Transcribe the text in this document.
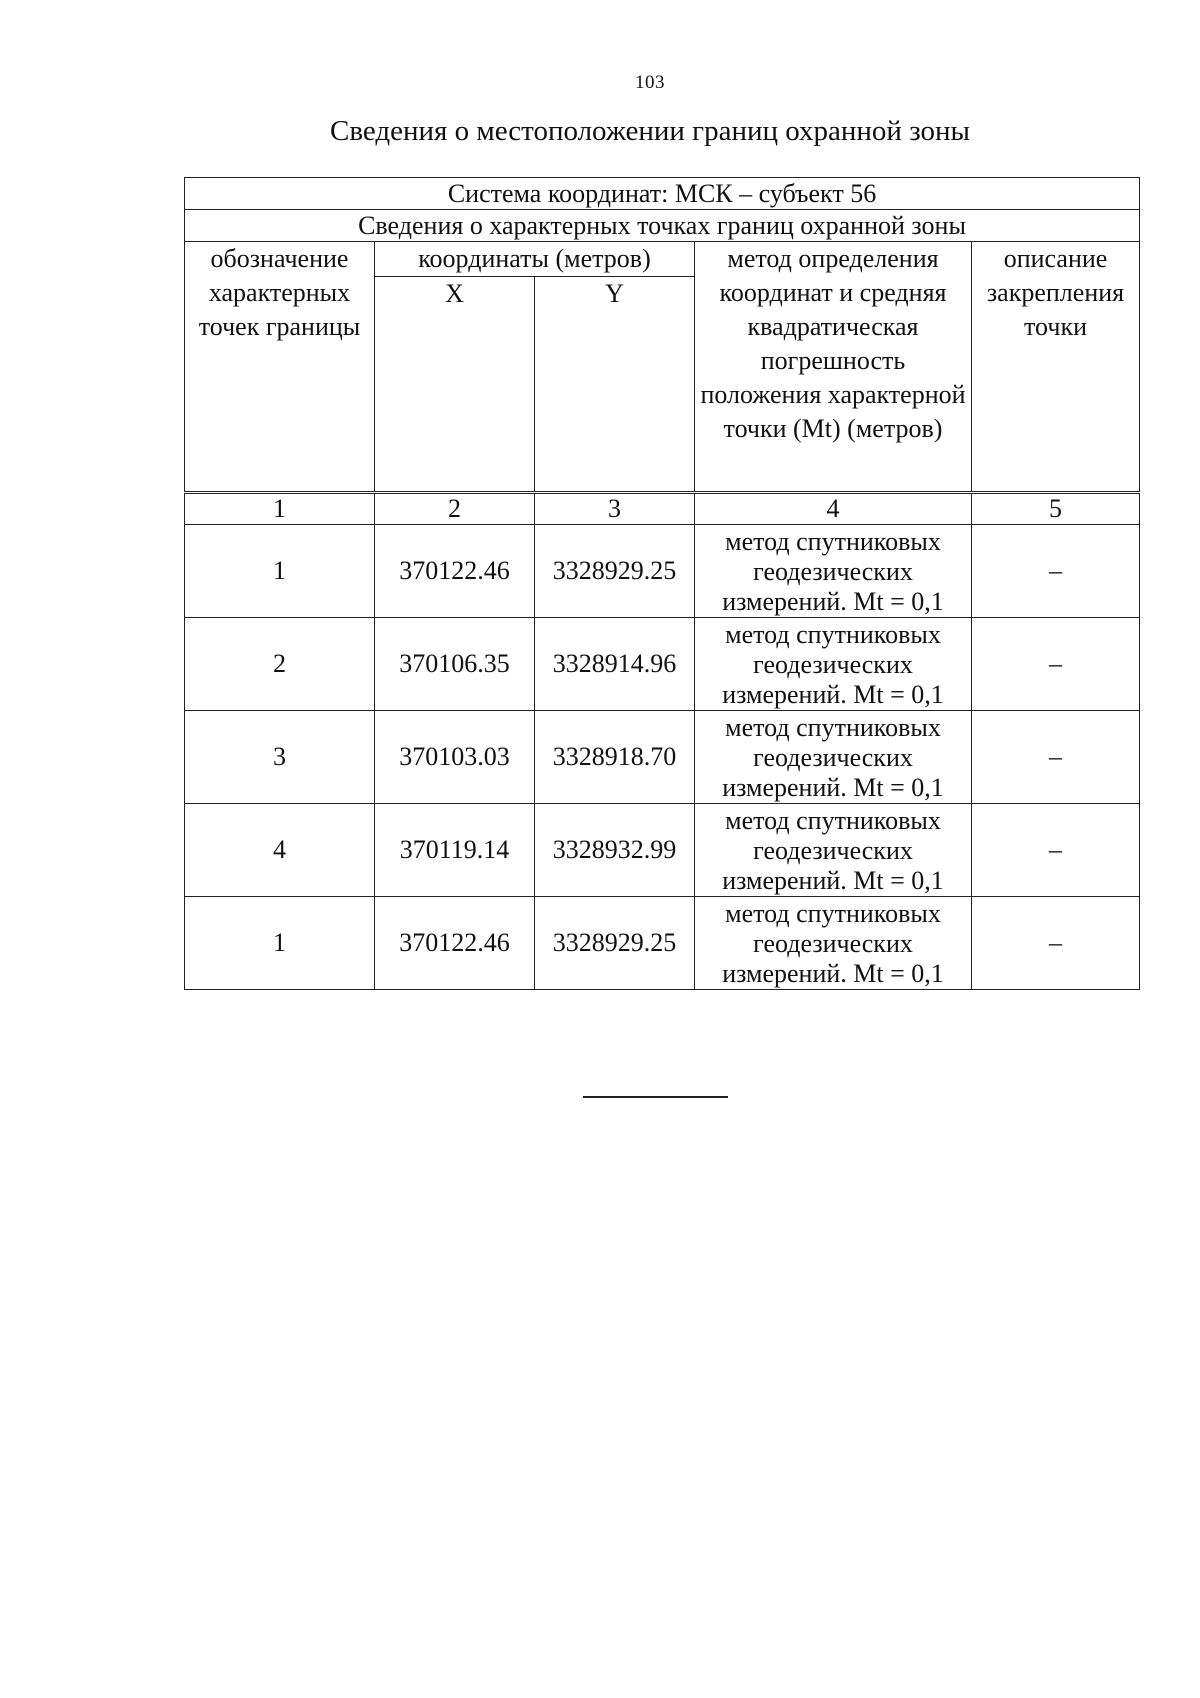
103
Сведения о местоположении границ охранной зоны
Система координат: МСК – субъект 56				
Сведения о характерных точках границ охранной зоны				
обозначение характерных точек границы	координаты (метров)		метод определения координат и средняя квадратическая погрешность положения характерной точки (Mt) (метров)	описание закрепления точки
	X	Y		
1	2	3	4	5
1	370122.46	3328929.25	метод спутниковых геодезических измерений. Mt = 0,1	–
2	370106.35	3328914.96	метод спутниковых геодезических измерений. Mt = 0,1	–
3	370103.03	3328918.70	метод спутниковых геодезических измерений. Mt = 0,1	–
4	370119.14	3328932.99	метод спутниковых геодезических измерений. Mt = 0,1	–
1	370122.46	3328929.25	метод спутниковых геодезических измерений. Mt = 0,1	–
